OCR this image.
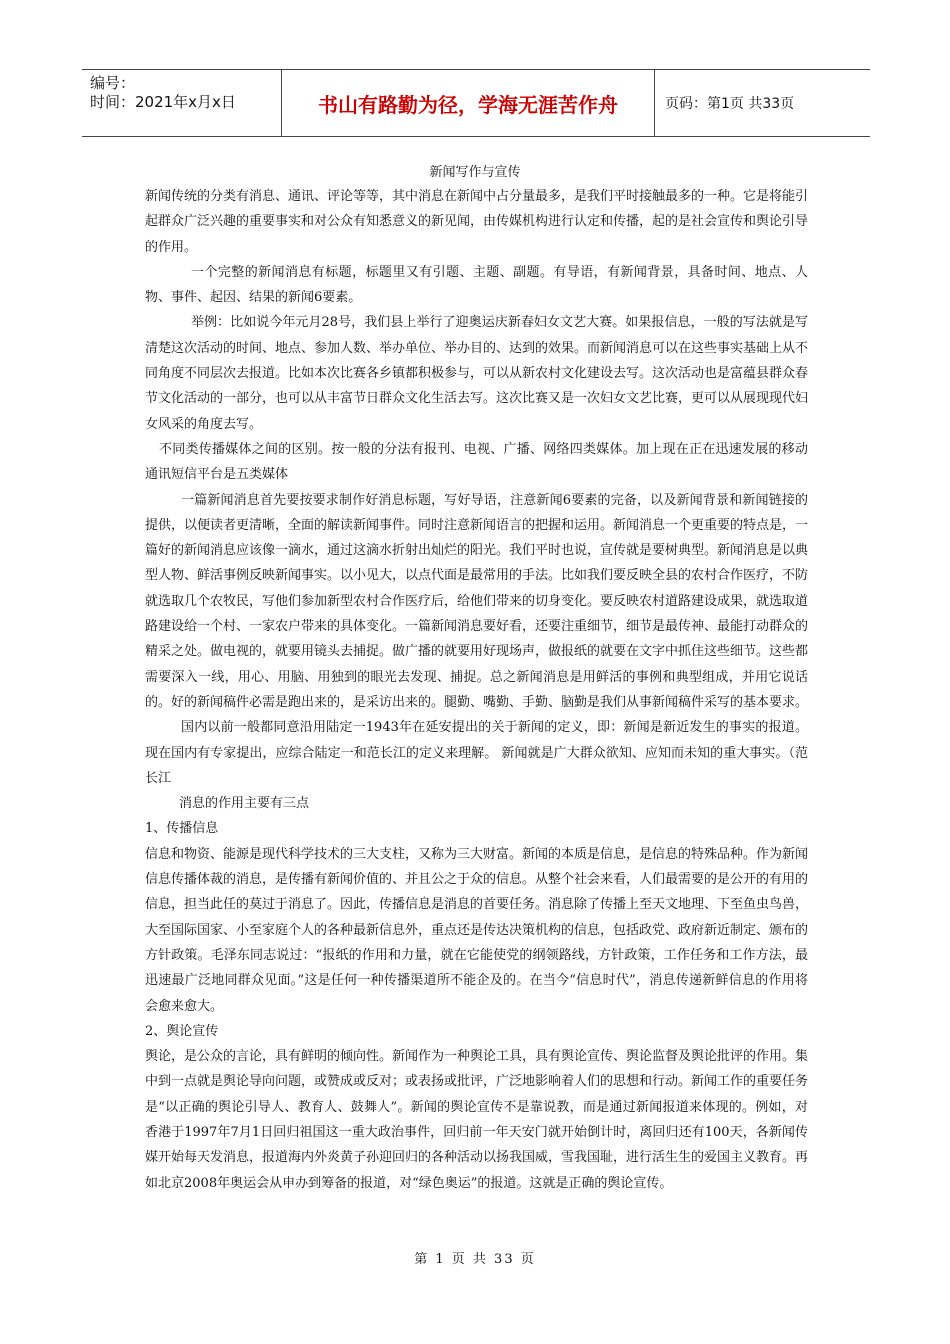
编号：
时间：2021年x月x日	书山有路勤为径，学海无涯苦作舟	页码：第1页 共33页
新闻写作与宣传

新闻传统的分类有消息、通讯、评论等等，其中消息在新闻中占分量最多，是我们平时接触最多的一种。它是将能引起群众广泛兴趣的重要事实和对公众有知悉意义的新见闻，由传媒机构进行认定和传播，起的是社会宣传和舆论引导的作用。

一个完整的新闻消息有标题，标题里又有引题、主题、副题。有导语，有新闻背景，具备时间、地点、人物、事件、起因、结果的新闻6要素。

举例：比如说今年元月28号，我们县上举行了迎奥运庆新春妇女文艺大赛。如果报信息，一般的写法就是写清楚这次活动的时间、地点、参加人数、举办单位、举办目的、达到的效果。而新闻消息可以在这些事实基础上从不同角度不同层次去报道。比如本次比赛各乡镇都积极参与，可以从新农村文化建设去写。这次活动也是富蕴县群众春节文化活动的一部分，也可以从丰富节日群众文化生活去写。这次比赛又是一次妇女文艺比赛，更可以从展现现代妇女风采的角度去写。

不同类传播媒体之间的区别。按一般的分法有报刊、电视、广播、网络四类媒体。加上现在正在迅速发展的移动通讯短信平台是五类媒体

一篇新闻消息首先要按要求制作好消息标题，写好导语，注意新闻6要素的完备，以及新闻背景和新闻链接的提供，以便读者更清晰，全面的解读新闻事件。同时注意新闻语言的把握和运用。新闻消息一个更重要的特点是，一篇好的新闻消息应该像一滴水，通过这滴水折射出灿烂的阳光。我们平时也说，宣传就是要树典型。新闻消息是以典型人物、鲜活事例反映新闻事实。以小见大，以点代面是最常用的手法。比如我们要反映全县的农村合作医疗，不防就选取几个农牧民，写他们参加新型农村合作医疗后，给他们带来的切身变化。要反映农村道路建设成果，就选取道路建设给一个村、一家农户带来的具体变化。一篇新闻消息要好看，还要注重细节，细节是最传神、最能打动群众的精采之处。做电视的，就要用镜头去捕捉。做广播的就要用好现场声，做报纸的就要在文字中抓住这些细节。这些都需要深入一线，用心、用脑、用独到的眼光去发现、捕捉。总之新闻消息是用鲜活的事例和典型组成，并用它说话的。好的新闻稿件必需是跑出来的，是采访出来的。腿勤、嘴勤、手勤、脑勤是我们从事新闻稿件采写的基本要求。

国内以前一般都同意沿用陆定一1943年在延安提出的关于新闻的定义，即：新闻是新近发生的事实的报道。现在国内有专家提出，应综合陆定一和范长江的定义来理解。 新闻就是广大群众欲知、应知而未知的重大事实。（范长江

消息的作用主要有三点

1、传播信息

信息和物资、能源是现代科学技术的三大支柱，又称为三大财富。新闻的本质是信息，是信息的特殊品种。作为新闻信息传播体裁的消息，是传播有新闻价值的、并且公之于众的信息。从整个社会来看，人们最需要的是公开的有用的信息，担当此任的莫过于消息了。因此，传播信息是消息的首要任务。消息除了传播上至天文地理、下至鱼虫鸟兽，大至国际国家、小至家庭个人的各种最新信息外，重点还是传达决策机构的信息，包括政党、政府新近制定、颁布的方针政策。毛泽东同志说过：“报纸的作用和力量，就在它能使党的纲领路线，方针政策，工作任务和工作方法，最迅速最广泛地同群众见面。”这是任何一种传播渠道所不能企及的。在当今“信息时代”，消息传递新鲜信息的作用将会愈来愈大。

2、舆论宣传

舆论，是公众的言论，具有鲜明的倾向性。新闻作为一种舆论工具，具有舆论宣传、舆论监督及舆论批评的作用。集中到一点就是舆论导向问题，或赞成或反对；或表扬或批评，广泛地影响着人们的思想和行动。新闻工作的重要任务是“以正确的舆论引导人、教育人、鼓舞人”。新闻的舆论宣传不是靠说教，而是通过新闻报道来体现的。例如，对香港于1997年7月1日回归祖国这一重大政治事件，回归前一年天安门就开始倒计时，离回归还有100天，各新闻传媒开始每天发消息，报道海内外炎黄子孙迎回归的各种活动以扬我国威，雪我国耻，进行活生生的爱国主义教育。再如北京2008年奥运会从申办到筹备的报道，对“绿色奥运”的报道。这就是正确的舆论宣传。

第 1 页 共 33 页
